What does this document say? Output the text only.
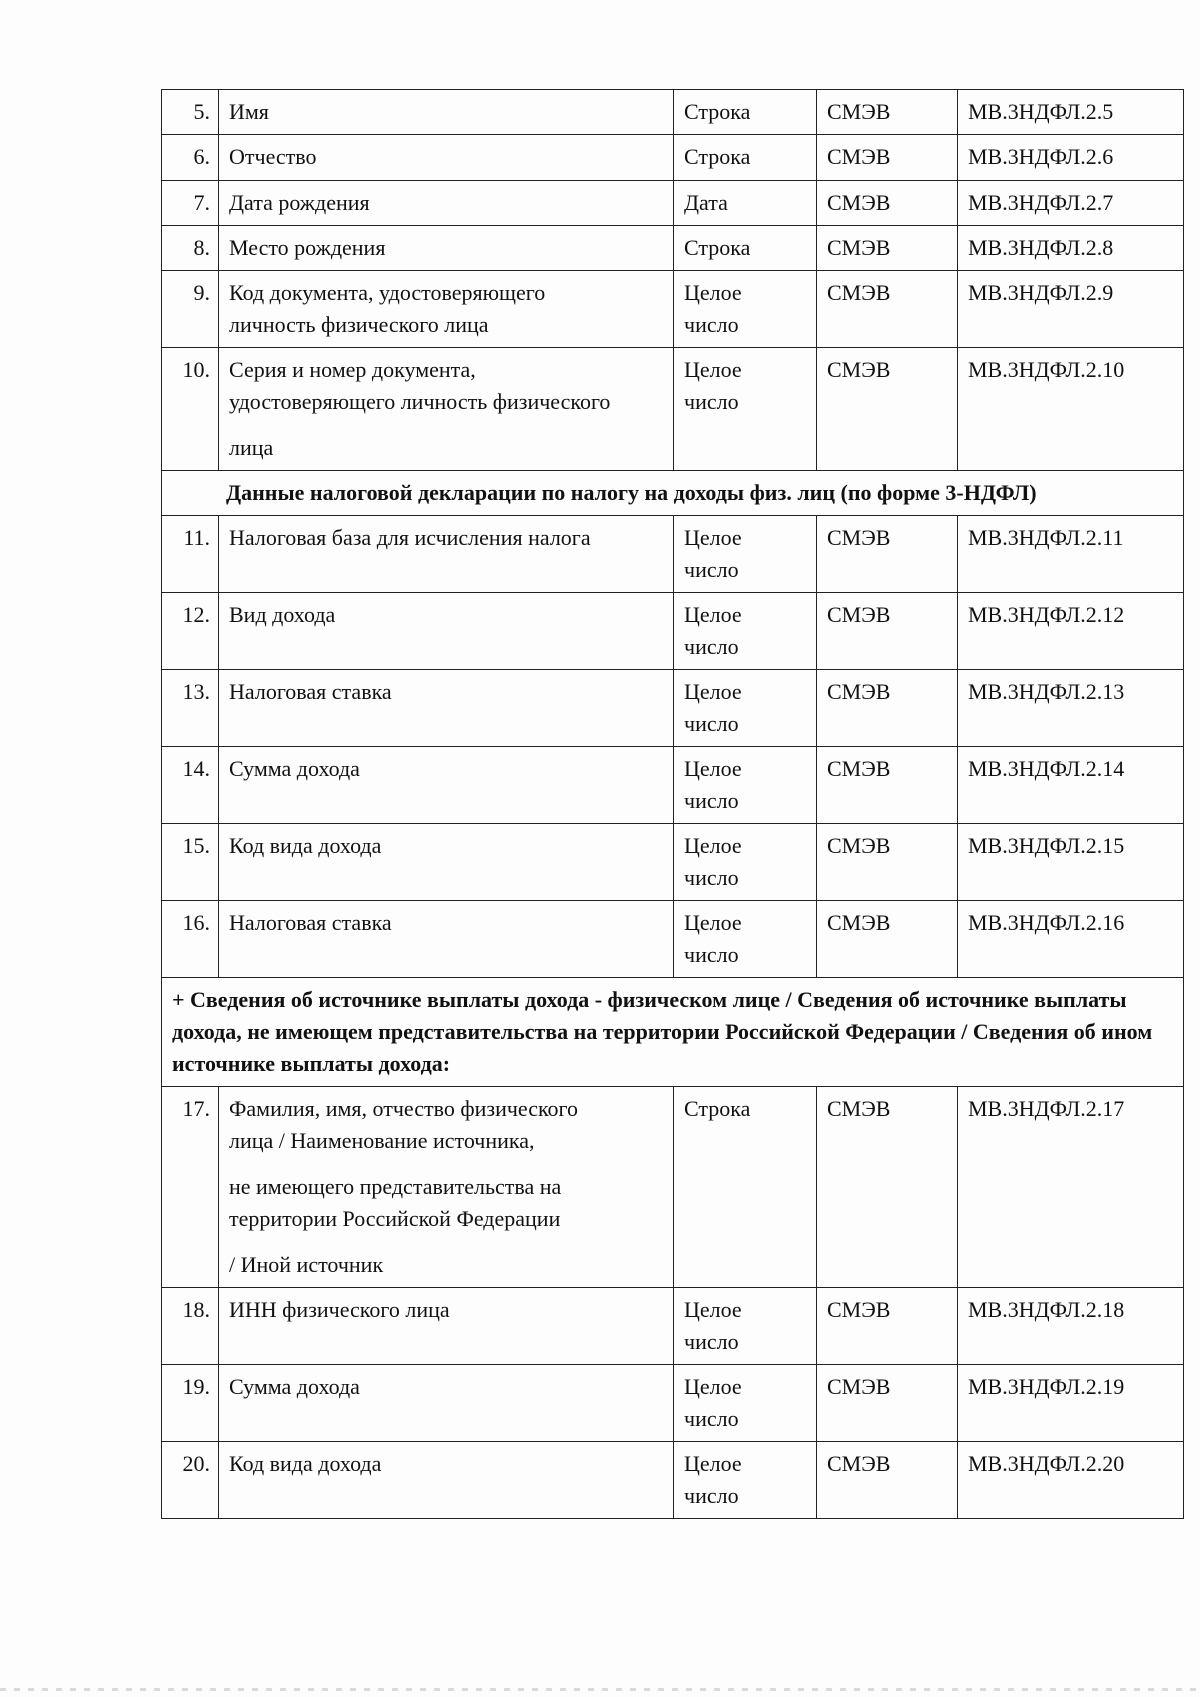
5.	Имя	Строка	СМЭВ	МВ.3НДФЛ.2.5
6.	Отчество	Строка	СМЭВ	МВ.3НДФЛ.2.6
7.	Дата рождения	Дата	СМЭВ	МВ.3НДФЛ.2.7
8.	Место рождения	Строка	СМЭВ	МВ.3НДФЛ.2.8
9.	Код документа, удостоверяющего
личность физического лица	Целое
число	СМЭВ	МВ.3НДФЛ.2.9
10.	Серия и номер документа,
удостоверяющего личность физического
лица	Целое
число	СМЭВ	МВ.3НДФЛ.2.10
Данные налоговой декларации по налогу на доходы физ. лиц (по форме 3-НДФЛ)				
11.	Налоговая база для исчисления налога	Целое
число	СМЭВ	МВ.3НДФЛ.2.11
12.	Вид дохода	Целое
число	СМЭВ	МВ.3НДФЛ.2.12
13.	Налоговая ставка	Целое
число	СМЭВ	МВ.3НДФЛ.2.13
14.	Сумма дохода	Целое
число	СМЭВ	МВ.3НДФЛ.2.14
15.	Код вида дохода	Целое
число	СМЭВ	МВ.3НДФЛ.2.15
16.	Налоговая ставка	Целое
число	СМЭВ	МВ.3НДФЛ.2.16
+ Сведения об источнике выплаты дохода - физическом лице / Сведения об источнике выплаты дохода, не имеющем представительства на территории Российской Федерации / Сведения об ином источнике выплаты дохода:				
17.	Фамилия, имя, отчество физического
лица / Наименование источника,
не имеющего представительства на
территории Российской Федерации
/ Иной источник	Строка	СМЭВ	МВ.3НДФЛ.2.17
18.	ИНН физического лица	Целое
число	СМЭВ	МВ.3НДФЛ.2.18
19.	Сумма дохода	Целое
число	СМЭВ	МВ.3НДФЛ.2.19
20.	Код вида дохода	Целое
число	СМЭВ	МВ.3НДФЛ.2.20
